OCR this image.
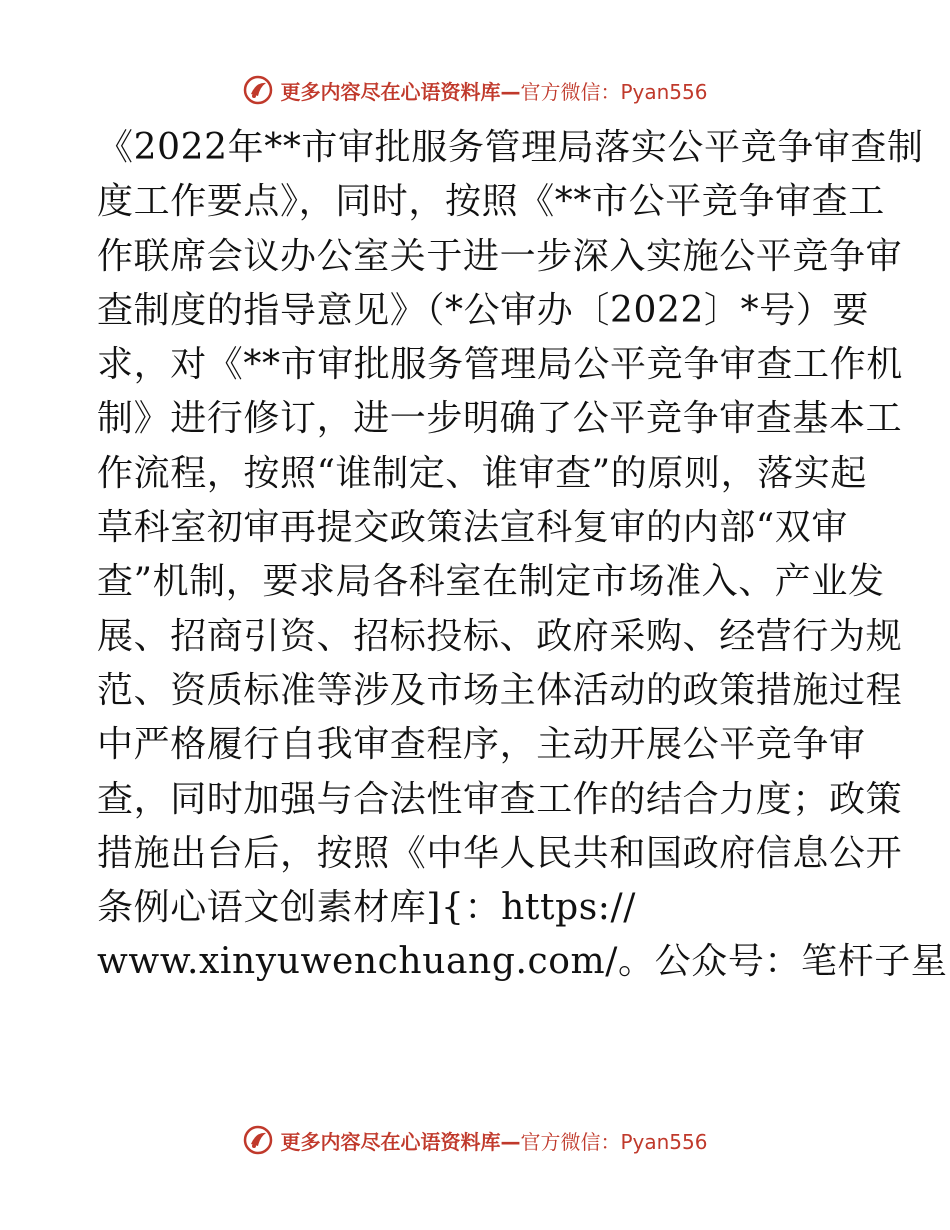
更多内容尽在心语资料库—官方微信：Pyan556
《2022年**市审批服务管理局落实公平竞争审查制
度工作要点》，同时，按照《**市公平竞争审查工
作联席会议办公室关于进一步深入实施公平竞争审
查制度的指导意见》（*公审办〔2022〕*号）要
求，对《**市审批服务管理局公平竞争审查工作机
制》进行修订，进一步明确了公平竞争审查基本工
作流程，按照“谁制定、谁审查”的原则，落实起
草科室初审再提交政策法宣科复审的内部“双审
查”机制，要求局各科室在制定市场准入、产业发
展、招商引资、招标投标、政府采购、经营行为规
范、资质标准等涉及市场主体活动的政策措施过程
中严格履行自我审查程序，主动开展公平竞争审
查，同时加强与合法性审查工作的结合力度；政策
措施出台后，按照《中华人民共和国政府信息公开
条例心语文创素材库]{：https://
www.xinyuwenchuang.com/。公众号：笔杆子星
更多内容尽在心语资料库—官方微信：Pyan556
